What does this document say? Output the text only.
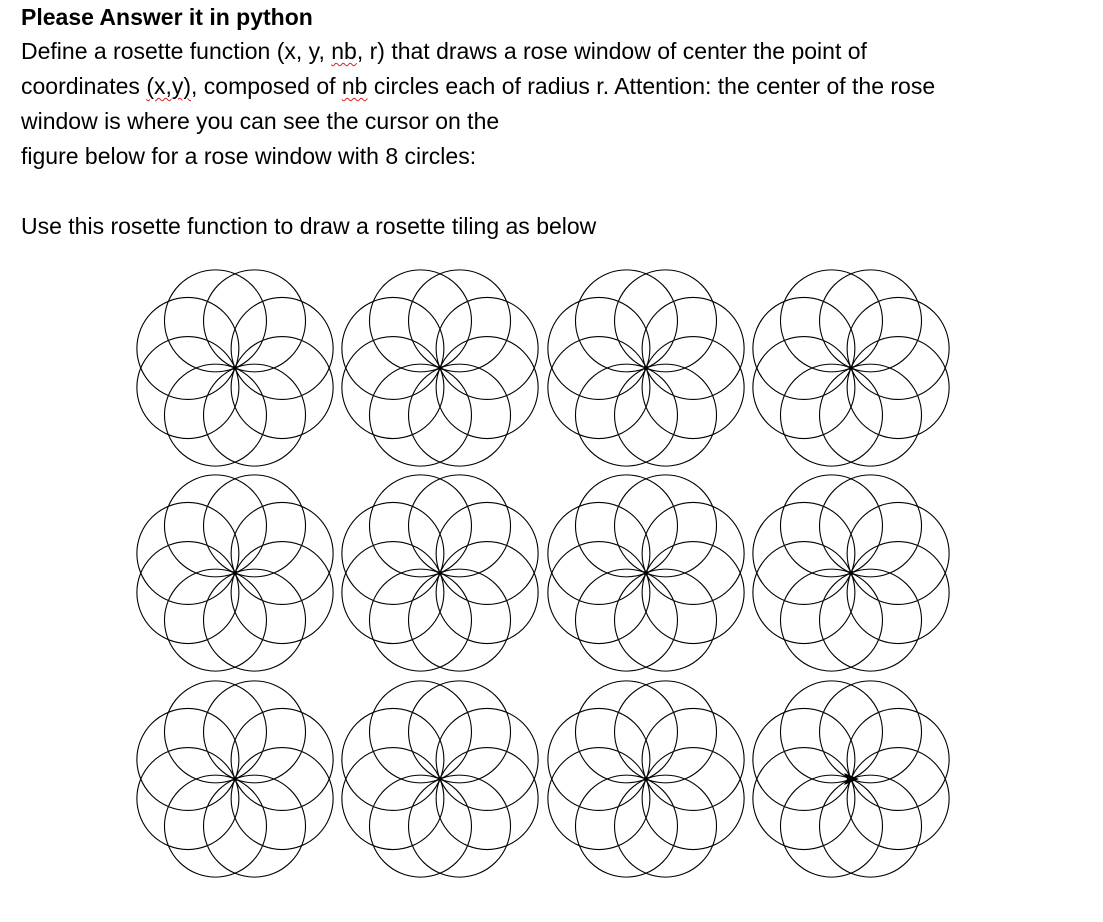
Please Answer it in python

Define a rosette function (x, y, nb, r) that draws a rose window of center the point of

coordinates (x,y), composed of nb circles each of radius r. Attention: the center of the rose

window is where you can see the cursor on the

figure below for a rose window with 8 circles:

Use this rosette function to draw a rosette tiling as below
